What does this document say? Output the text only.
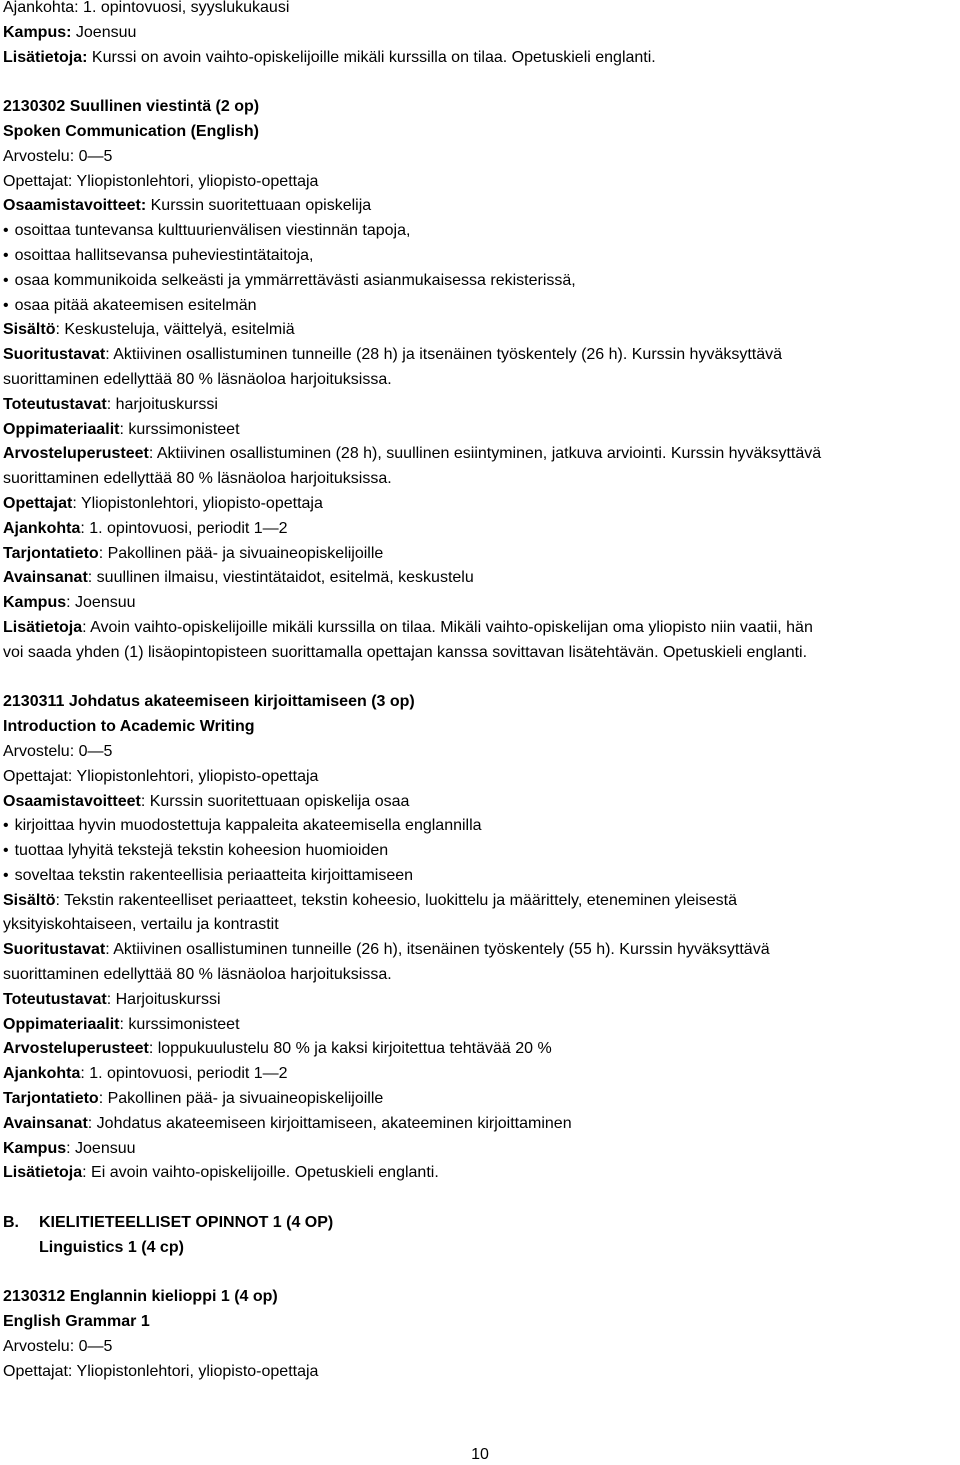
Ajankohta: 1. opintovuosi, syyslukukausi
Kampus: Joensuu
Lisätietoja: Kurssi on avoin vaihto-opiskelijoille mikäli kurssilla on tilaa. Opetuskieli englanti.
2130302 Suullinen viestintä (2 op)
Spoken Communication (English)
Arvostelu: 0—5
Opettajat: Yliopistonlehtori, yliopisto-opettaja
Osaamistavoitteet: Kurssin suoritettuaan opiskelija
• osoittaa tuntevansa kulttuurienvälisen viestinnän tapoja,
• osoittaa hallitsevansa puheviestintätaitoja,
• osaa kommunikoida selkeästi ja ymmärrettävästi asianmukaisessa rekisterissä,
• osaa pitää akateemisen esitelmän
Sisältö: Keskusteluja, väittelyä, esitelmiä
Suoritustavat: Aktiivinen osallistuminen tunneille (28 h) ja itsenäinen työskentely (26 h). Kurssin hyväksyttävä
suorittaminen edellyttää 80 % läsnäoloa harjoituksissa.
Toteutustavat: harjoituskurssi
Oppimateriaalit: kurssimonisteet
Arvosteluperusteet: Aktiivinen osallistuminen (28 h), suullinen esiintyminen, jatkuva arviointi. Kurssin hyväksyttävä
suorittaminen edellyttää 80 % läsnäoloa harjoituksissa.
Opettajat: Yliopistonlehtori, yliopisto-opettaja
Ajankohta: 1. opintovuosi, periodit 1—2
Tarjontatieto: Pakollinen pää- ja sivuaineopiskelijoille
Avainsanat: suullinen ilmaisu, viestintätaidot, esitelmä, keskustelu
Kampus: Joensuu
Lisätietoja: Avoin vaihto-opiskelijoille mikäli kurssilla on tilaa. Mikäli vaihto-opiskelijan oma yliopisto niin vaatii, hän
voi saada yhden (1) lisäopintopisteen suorittamalla opettajan kanssa sovittavan lisätehtävän. Opetuskieli englanti.
2130311 Johdatus akateemiseen kirjoittamiseen (3 op)
Introduction to Academic Writing
Arvostelu: 0—5
Opettajat: Yliopistonlehtori, yliopisto-opettaja
Osaamistavoitteet: Kurssin suoritettuaan opiskelija osaa
• kirjoittaa hyvin muodostettuja kappaleita akateemisella englannilla
• tuottaa lyhyitä tekstejä tekstin koheesion huomioiden
• soveltaa tekstin rakenteellisia periaatteita kirjoittamiseen
Sisältö: Tekstin rakenteelliset periaatteet, tekstin koheesio, luokittelu ja määrittely, eteneminen yleisestä
yksityiskohtaiseen, vertailu ja kontrastit
Suoritustavat: Aktiivinen osallistuminen tunneille (26 h), itsenäinen työskentely (55 h). Kurssin hyväksyttävä
suorittaminen edellyttää 80 % läsnäoloa harjoituksissa.
Toteutustavat: Harjoituskurssi
Oppimateriaalit: kurssimonisteet
Arvosteluperusteet: loppukuulustelu 80 % ja kaksi kirjoitettua tehtävää 20 %
Ajankohta: 1. opintovuosi, periodit 1—2
Tarjontatieto: Pakollinen pää- ja sivuaineopiskelijoille
Avainsanat: Johdatus akateemiseen kirjoittamiseen, akateeminen kirjoittaminen
Kampus: Joensuu
Lisätietoja: Ei avoin vaihto-opiskelijoille. Opetuskieli englanti.
B.	KIELITIETEELLISET OPINNOT 1 (4 OP)
Linguistics 1 (4 cp)
2130312 Englannin kielioppi 1 (4 op)
English Grammar 1
Arvostelu: 0—5
Opettajat: Yliopistonlehtori, yliopisto-opettaja
10
